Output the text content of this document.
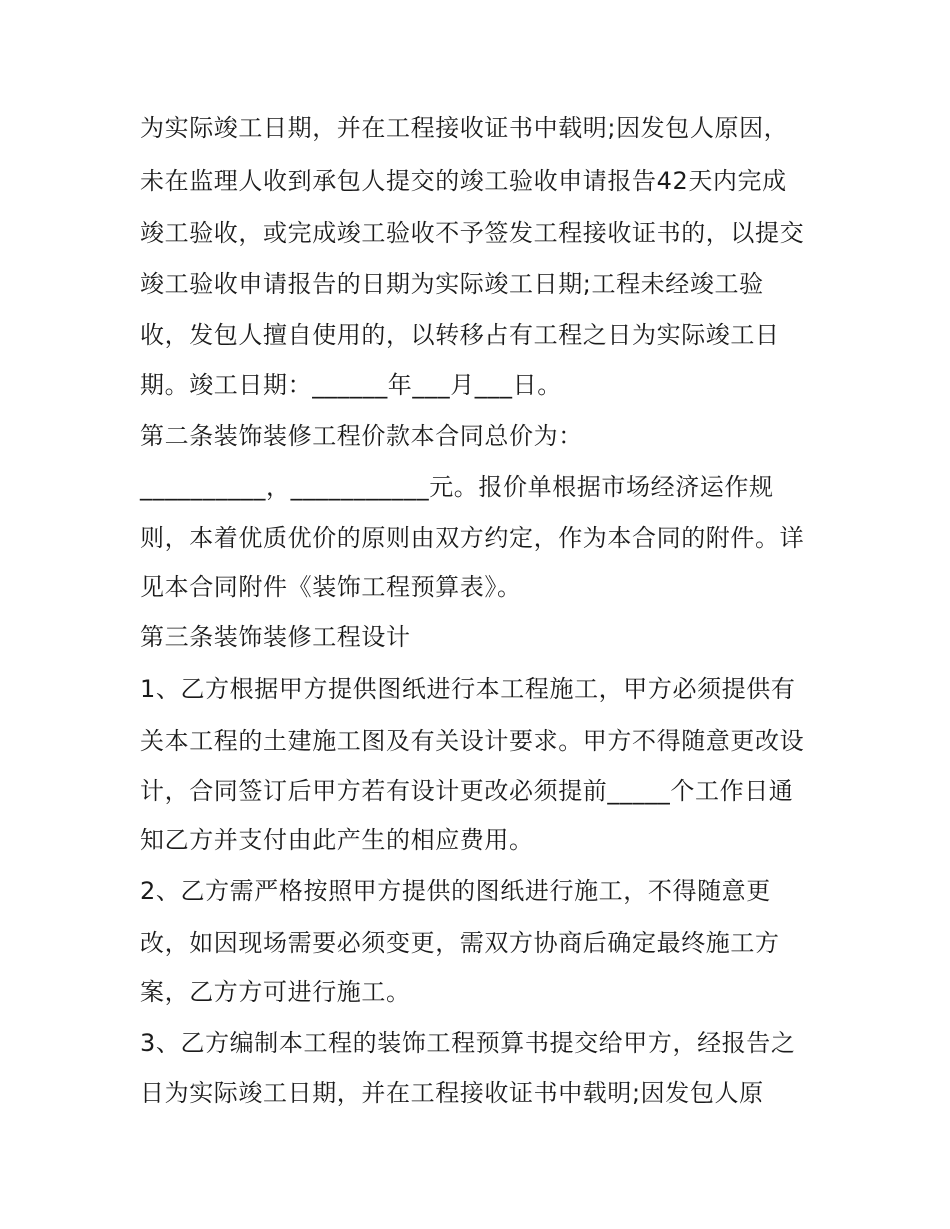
为实际竣工日期，并在工程接收证书中载明;因发包人原因，

未在监理人收到承包人提交的竣工验收申请报告42天内完成

竣工验收，或完成竣工验收不予签发工程接收证书的，以提交

竣工验收申请报告的日期为实际竣工日期;工程未经竣工验

收，发包人擅自使用的，以转移占有工程之日为实际竣工日

期。竣工日期：______年___月___日。

第二条装饰装修工程价款本合同总价为：

__________，___________元。报价单根据市场经济运作规

则，本着优质优价的原则由双方约定，作为本合同的附件。详

见本合同附件《装饰工程预算表》。

第三条装饰装修工程设计

1、乙方根据甲方提供图纸进行本工程施工，甲方必须提供有

关本工程的土建施工图及有关设计要求。甲方不得随意更改设

计，合同签订后甲方若有设计更改必须提前_____个工作日通

知乙方并支付由此产生的相应费用。

2、乙方需严格按照甲方提供的图纸进行施工，不得随意更

改，如因现场需要必须变更，需双方协商后确定最终施工方

案，乙方方可进行施工。

3、乙方编制本工程的装饰工程预算书提交给甲方，经报告之

日为实际竣工日期，并在工程接收证书中载明;因发包人原
